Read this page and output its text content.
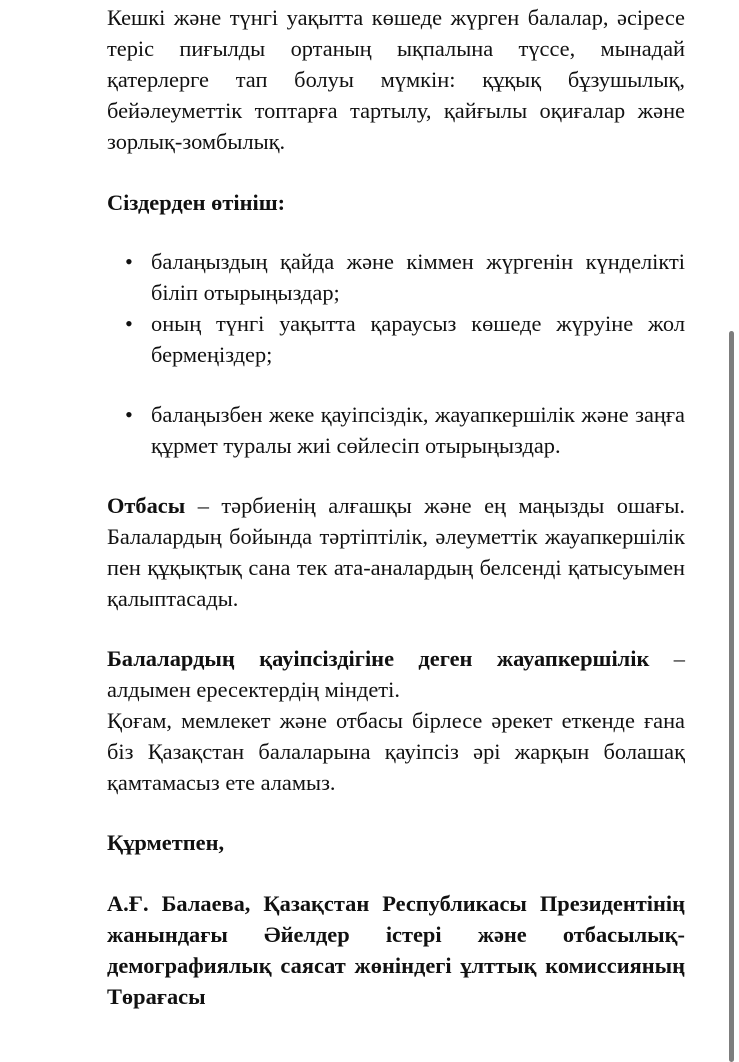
Кешкі және түнгі уақытта көшеде жүрген балалар, әсіресе теріс пиғылды ортаның ықпалына түссе, мынадай қатерлерге тап болуы мүмкін: құқық бұзушылық, бейәлеуметтік топтарға тартылу, қайғылы оқиғалар және зорлық-зомбылық.

Сіздерден өтініш:

• балаңыздың қайда және кіммен жүргенін күнделікті біліп отырыңыздар;
• оның түнгі уақытта қараусыз көшеде жүруіне жол бермеңіздер;
• балаңызбен жеке қауіпсіздік, жауапкершілік және заңға құрмет туралы жиі сөйлесіп отырыңыздар.

Отбасы – тәрбиенің алғашқы және ең маңызды ошағы. Балалардың бойында тәртіптілік, әлеуметтік жауапкершілік пен құқықтық сана тек ата-аналардың белсенді қатысуымен қалыптасады.

Балалардың қауіпсіздігіне деген жауапкершілік – алдымен ересектердің міндеті.

Қоғам, мемлекет және отбасы бірлесе әрекет еткенде ғана біз Қазақстан балаларына қауіпсіз әрі жарқын болашақ қамтамасыз ете аламыз.

Құрметпен,

А.Ғ. Балаева, Қазақстан Республикасы Президентінің жанындағы Әйелдер істері және отбасылық-демографиялық саясат жөніндегі ұлттық комиссияның Төрағасы
